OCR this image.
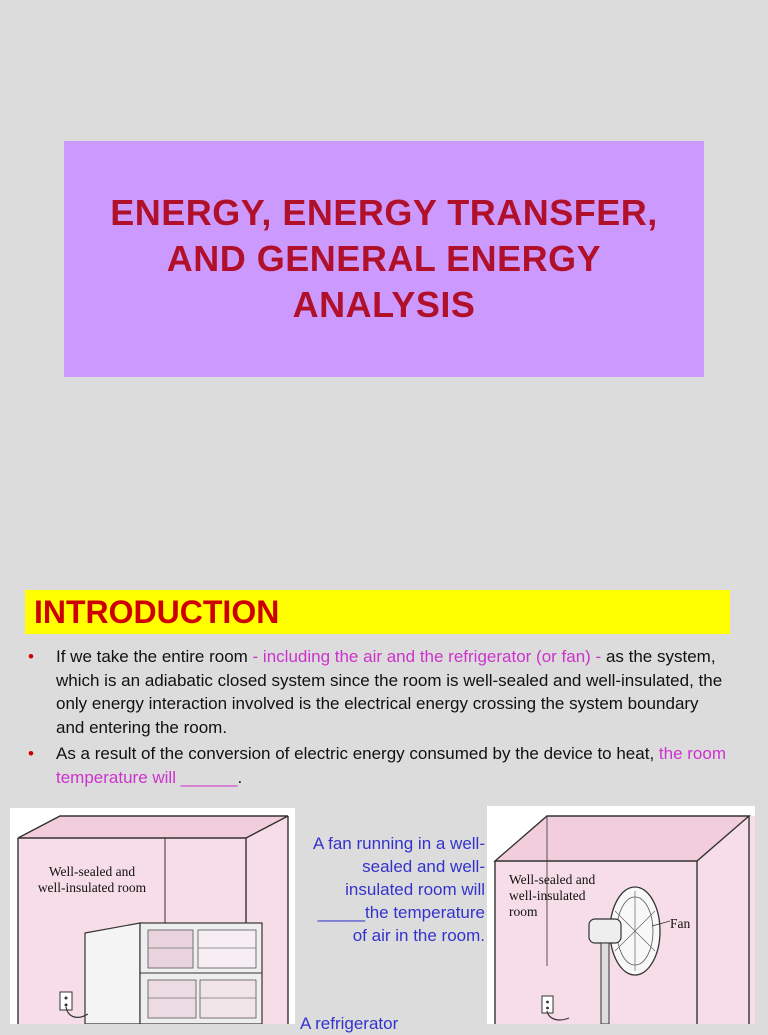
ENERGY, ENERGY TRANSFER,
AND GENERAL ENERGY
ANALYSIS
INTRODUCTION
• If we take the entire room - including the air and the refrigerator (or fan) - as the system, which is an adiabatic closed system since the room is well-sealed and well-insulated, the only energy interaction involved is the electrical energy crossing the system boundary and entering the room.
• As a result of the conversion of electric energy consumed by the device to heat, the room temperature will ______.
Well-sealed and
well-insulated room
A fan running in a well-sealed and well-insulated room will _____the temperature of air in the room.
A refrigerator
Well-sealed and
well-insulated
room
Fan
